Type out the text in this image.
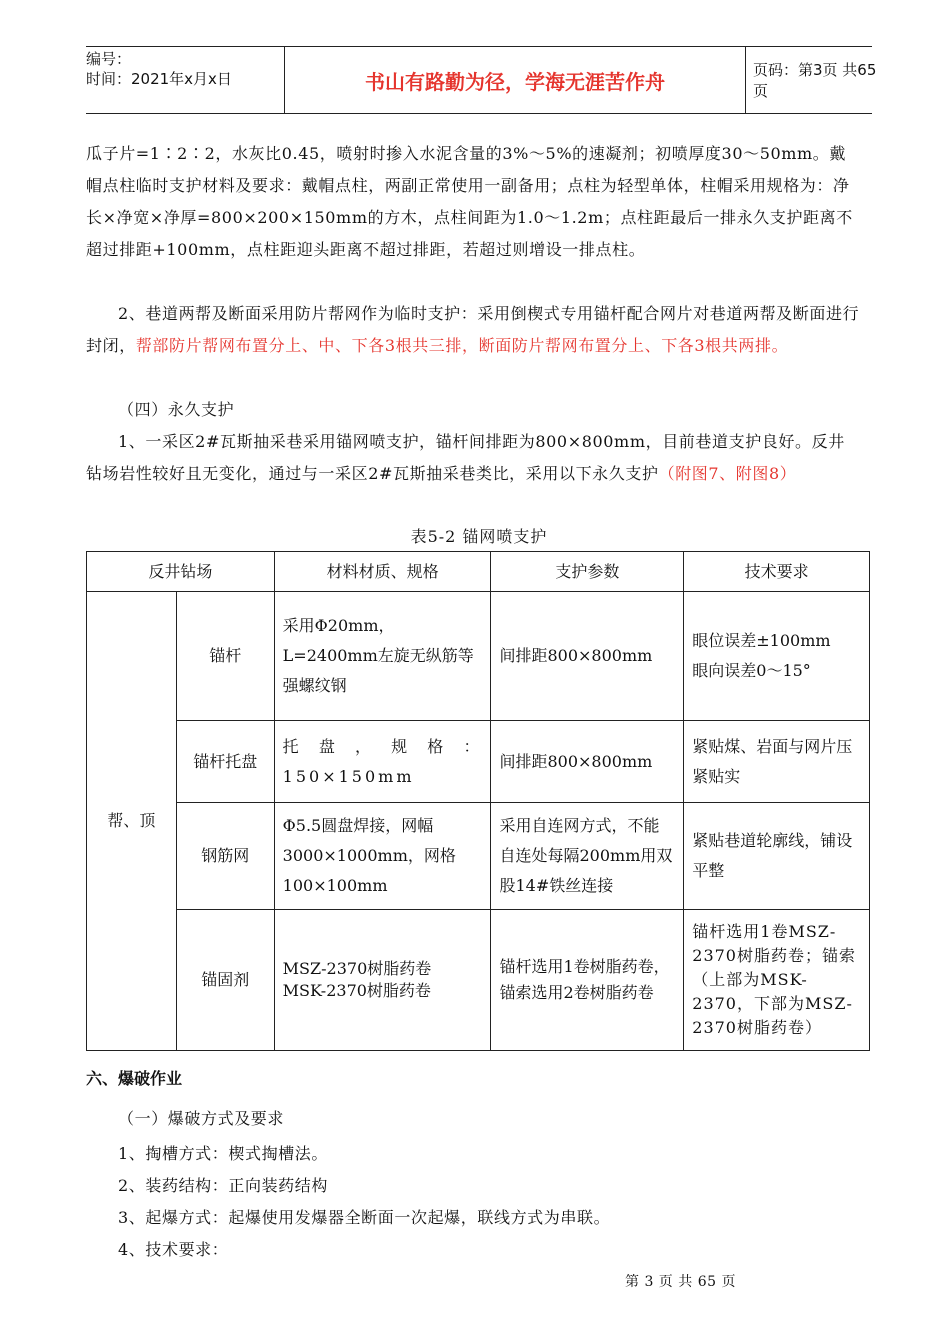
编号：
时间：2021年x月x日	书山有路勤为径，学海无涯苦作舟	页码：第3页 共65页
瓜子片=1∶2∶2，水灰比0.45，喷射时掺入水泥含量的3%～5%的速凝剂；初喷厚度30～50mm。戴帽点柱临时支护材料及要求：戴帽点柱，两副正常使用一副备用；点柱为轻型单体，柱帽采用规格为：净长×净宽×净厚=800×200×150mm的方木，点柱间距为1.0～1.2m；点柱距最后一排永久支护距离不超过排距+100mm，点柱距迎头距离不超过排距，若超过则增设一排点柱。
2、巷道两帮及断面采用防片帮网作为临时支护：采用倒楔式专用锚杆配合网片对巷道两帮及断面进行封闭，帮部防片帮网布置分上、中、下各3根共三排，断面防片帮网布置分上、下各3根共两排。
（四）永久支护
1、一采区2#瓦斯抽采巷采用锚网喷支护，锚杆间排距为800×800mm，目前巷道支护良好。反井钻场岩性较好且无变化，通过与一采区2#瓦斯抽采巷类比，采用以下永久支护（附图7、附图8）
表5-2 锚网喷支护
反井钻场		材料材质、规格	支护参数	技术要求
帮、顶	锚杆	采用Φ20mm，L=2400mm左旋无纵筋等强螺纹钢	间排距800×800mm	眼位误差±100mm
眼向误差0～15°
	锚杆托盘	托盘，规格：150×150mm	间排距800×800mm	紧贴煤、岩面与网片压紧贴实
	钢筋网	Φ5.5圆盘焊接，网幅3000×1000mm，网格100×100mm	采用自连网方式，不能自连处每隔200mm用双股14#铁丝连接	紧贴巷道轮廓线，铺设平整
	锚固剂	MSZ-2370树脂药卷
MSK-2370树脂药卷	锚杆选用1卷树脂药卷，锚索选用2卷树脂药卷	锚杆选用1卷MSZ-2370树脂药卷；锚索（上部为MSK-2370，下部为MSZ-2370树脂药卷）
六、爆破作业
（一）爆破方式及要求
1、掏槽方式：楔式掏槽法。
2、装药结构：正向装药结构
3、起爆方式：起爆使用发爆器全断面一次起爆，联线方式为串联。
4、技术要求：
第 3 页 共 65 页
